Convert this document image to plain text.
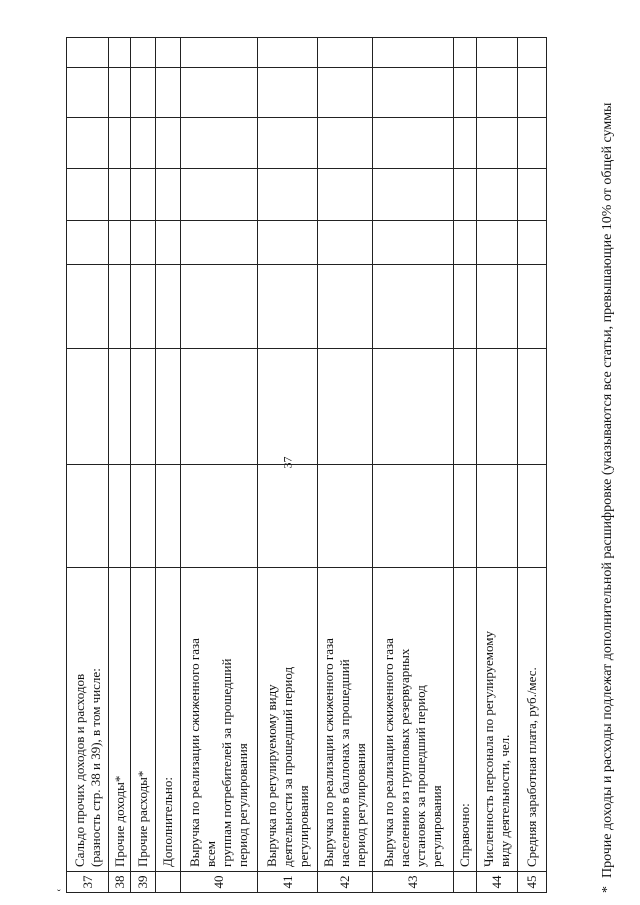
37
ˇ
37	Сальдо прочих доходов и расходов (разность стр. 38 и 39), в том числе:								

38	Прочие доходы*								

39	Прочие расходы*								

	Дополнительно:								

40	Выручка по реализации сжиженного газа всем группам потребителей за прошедший период регулирования								

41	Выручка по регулируемому виду деятельности за прошедший период регулирования								

42	Выручка по реализации сжиженного газа населению в баллонах за прошедший период регулирования								

43	Выручка по реализации сжиженного газа населению из групповых резервуарных установок за прошедший период регулирования								

	Справочно:								

44	Численность персонала по регулируемому виду деятельности, чел.								

45	Средняя заработная плата, руб./мес.								

*Прочие доходы и расходы подлежат дополнительной расшифровке (указываются все статьи, превышающие 10% от общей суммы
